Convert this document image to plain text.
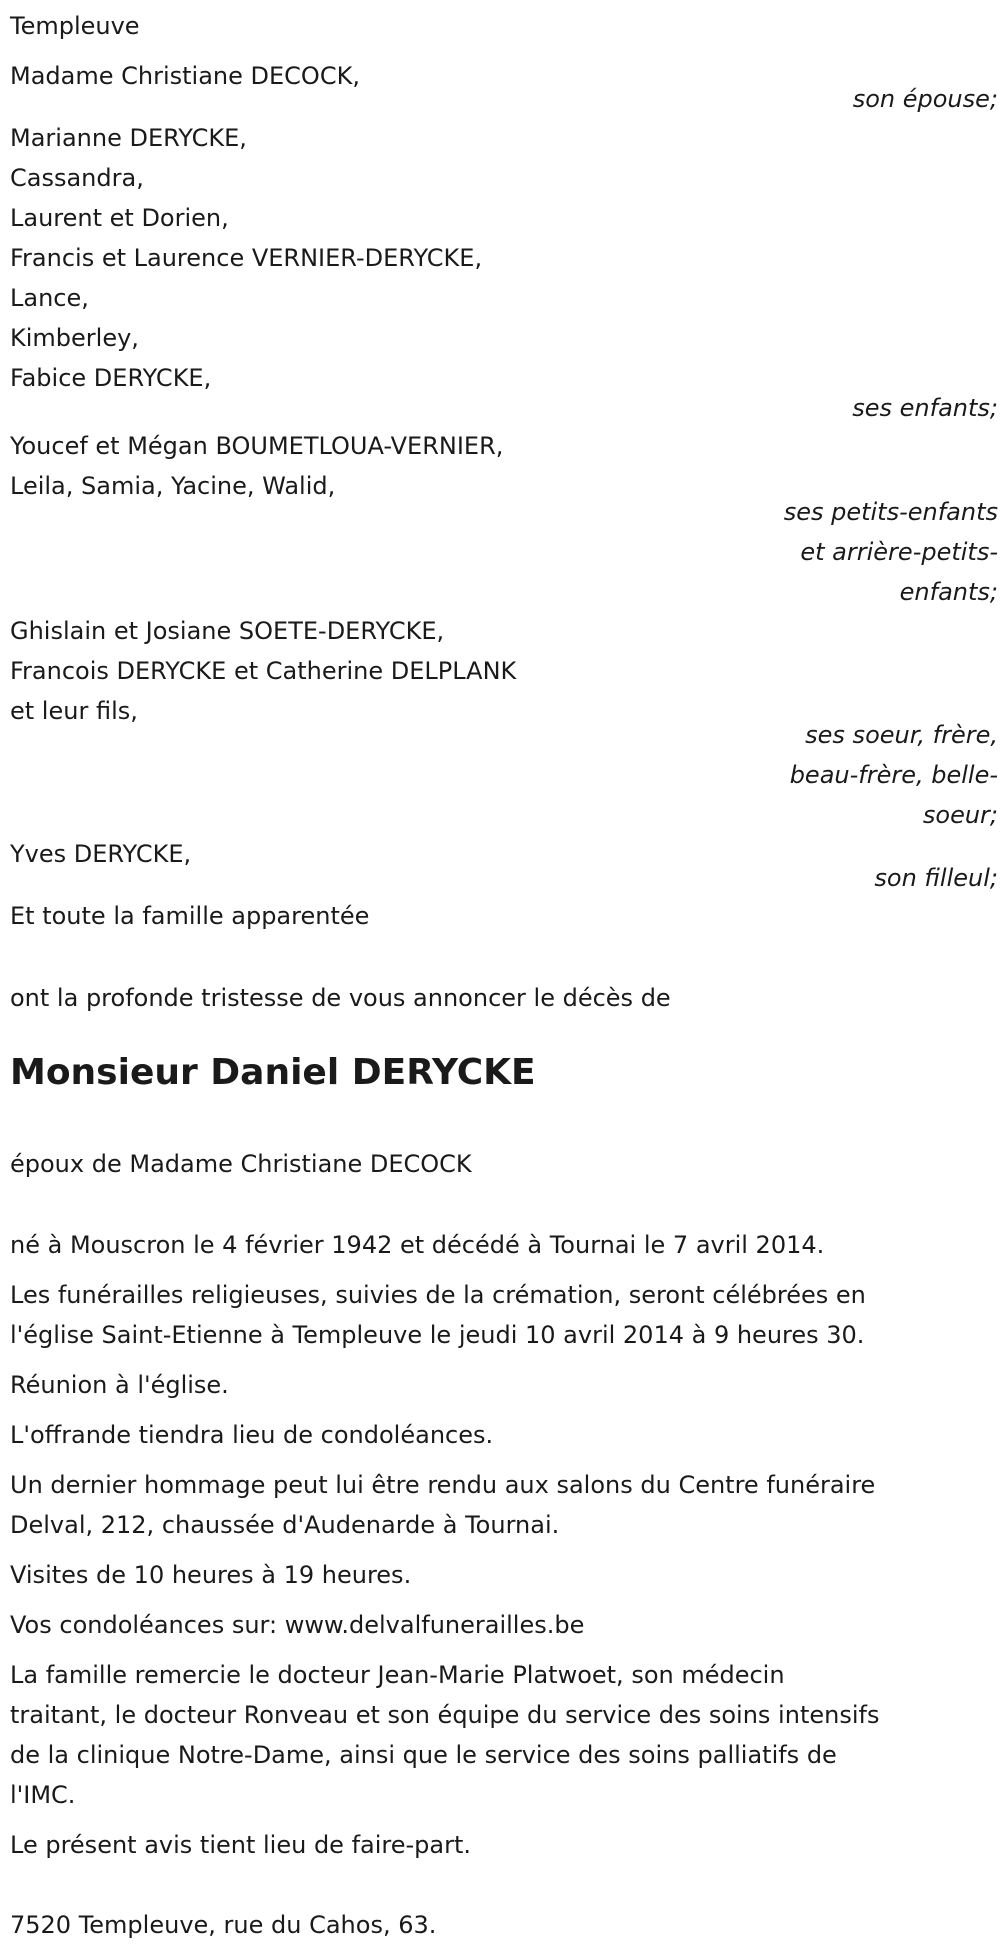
Templeuve
Madame Christiane DECOCK,
son épouse;
Marianne DERYCKE,
Cassandra,
Laurent et Dorien,
Francis et Laurence VERNIER-DERYCKE,
Lance,
Kimberley,
Fabice DERYCKE,
ses enfants;
Youcef et Mégan BOUMETLOUA-VERNIER,
Leila, Samia, Yacine, Walid,
ses petits-enfants
et arrière-petits-
enfants;
Ghislain et Josiane SOETE-DERYCKE,
Francois DERYCKE et Catherine DELPLANK
et leur fils,
ses soeur, frère,
beau-frère, belle-
soeur;
Yves DERYCKE,
son filleul;
Et toute la famille apparentée
ont la profonde tristesse de vous annoncer le décès de
Monsieur Daniel DERYCKE
époux de Madame Christiane DECOCK
né à Mouscron le 4 février 1942 et décédé à Tournai le 7 avril 2014.
Les funérailles religieuses, suivies de la crémation, seront célébrées en
l'église Saint-Etienne à Templeuve le jeudi 10 avril 2014 à 9 heures 30.
Réunion à l'église.
L'offrande tiendra lieu de condoléances.
Un dernier hommage peut lui être rendu aux salons du Centre funéraire
Delval, 212, chaussée d'Audenarde à Tournai.
Visites de 10 heures à 19 heures.
Vos condoléances sur: www.delvalfunerailles.be
La famille remercie le docteur Jean-Marie Platwoet, son médecin
traitant, le docteur Ronveau et son équipe du service des soins intensifs
de la clinique Notre-Dame, ainsi que le service des soins palliatifs de
l'IMC.
Le présent avis tient lieu de faire-part.
7520 Templeuve, rue du Cahos, 63.
